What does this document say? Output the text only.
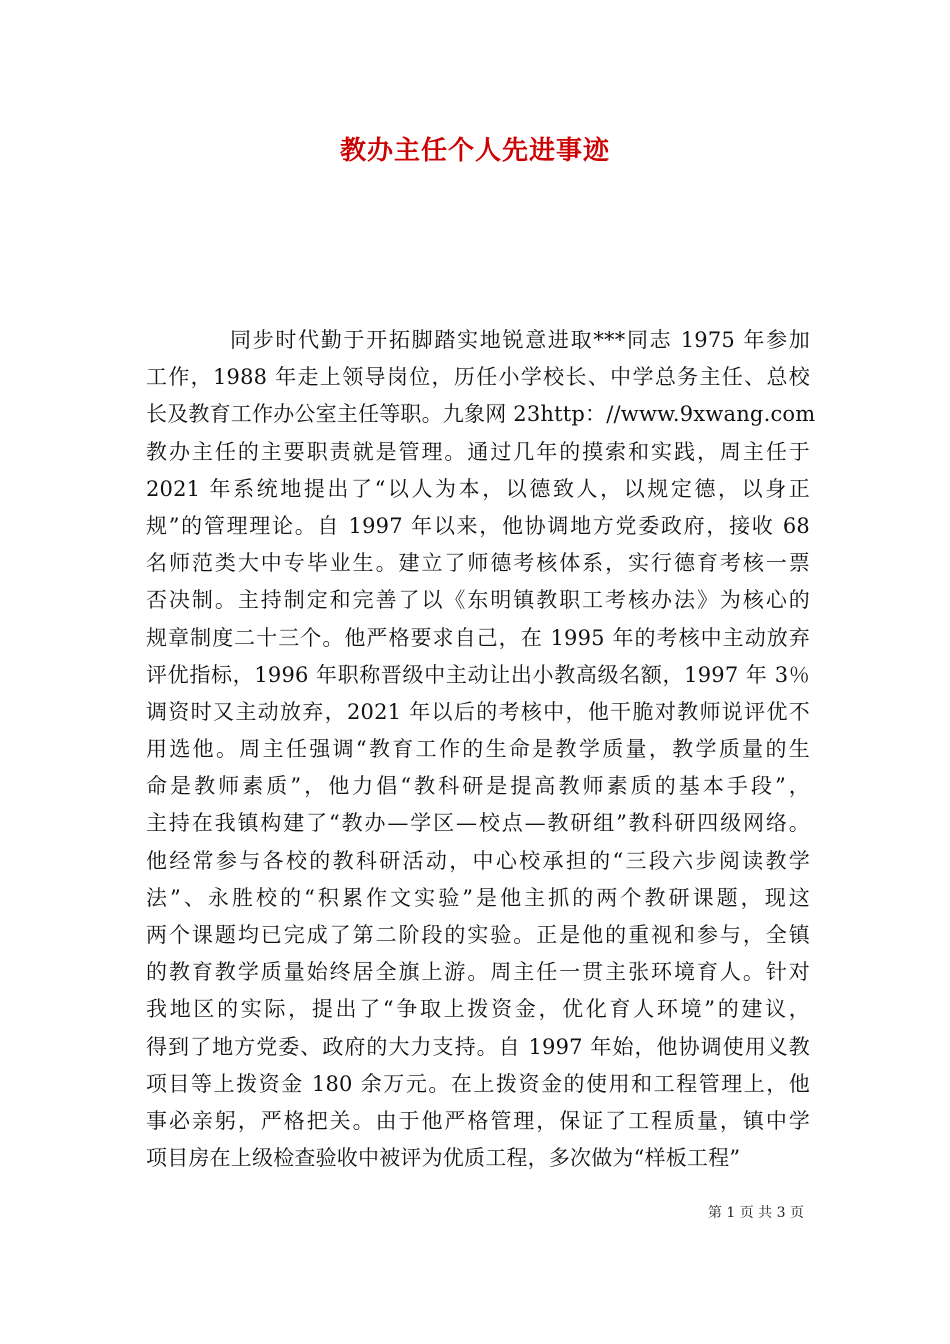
教办主任个人先进事迹
同步时代勤于开拓脚踏实地锐意进取***同志 1975 年参加
工作，1988 年走上领导岗位，历任小学校长、中学总务主任、总校
长及教育工作办公室主任等职。九象网 23http：//www.9xwang.com
教办主任的主要职责就是管理。通过几年的摸索和实践，周主任于
2021 年系统地提出了“以人为本，以德致人，以规定德，以身正
规”的管理理论。自 1997 年以来，他协调地方党委政府，接收 68
名师范类大中专毕业生。建立了师德考核体系，实行德育考核一票
否决制。主持制定和完善了以《东明镇教职工考核办法》为核心的
规章制度二十三个。他严格要求自己，在 1995 年的考核中主动放弃
评优指标，1996 年职称晋级中主动让出小教高级名额，1997 年 3％
调资时又主动放弃，2021 年以后的考核中，他干脆对教师说评优不
用选他。周主任强调“教育工作的生命是教学质量，教学质量的生
命是教师素质”，他力倡“教科研是提高教师素质的基本手段”，
主持在我镇构建了“教办—学区—校点—教研组”教科研四级网络。
他经常参与各校的教科研活动，中心校承担的“三段六步阅读教学
法”、永胜校的“积累作文实验”是他主抓的两个教研课题，现这
两个课题均已完成了第二阶段的实验。正是他的重视和参与，全镇
的教育教学质量始终居全旗上游。周主任一贯主张环境育人。针对
我地区的实际，提出了“争取上拨资金，优化育人环境”的建议，
得到了地方党委、政府的大力支持。自 1997 年始，他协调使用义教
项目等上拨资金 180 余万元。在上拨资金的使用和工程管理上，他
事必亲躬，严格把关。由于他严格管理，保证了工程质量，镇中学
项目房在上级检查验收中被评为优质工程，多次做为“样板工程”
第 1 页 共 3 页
